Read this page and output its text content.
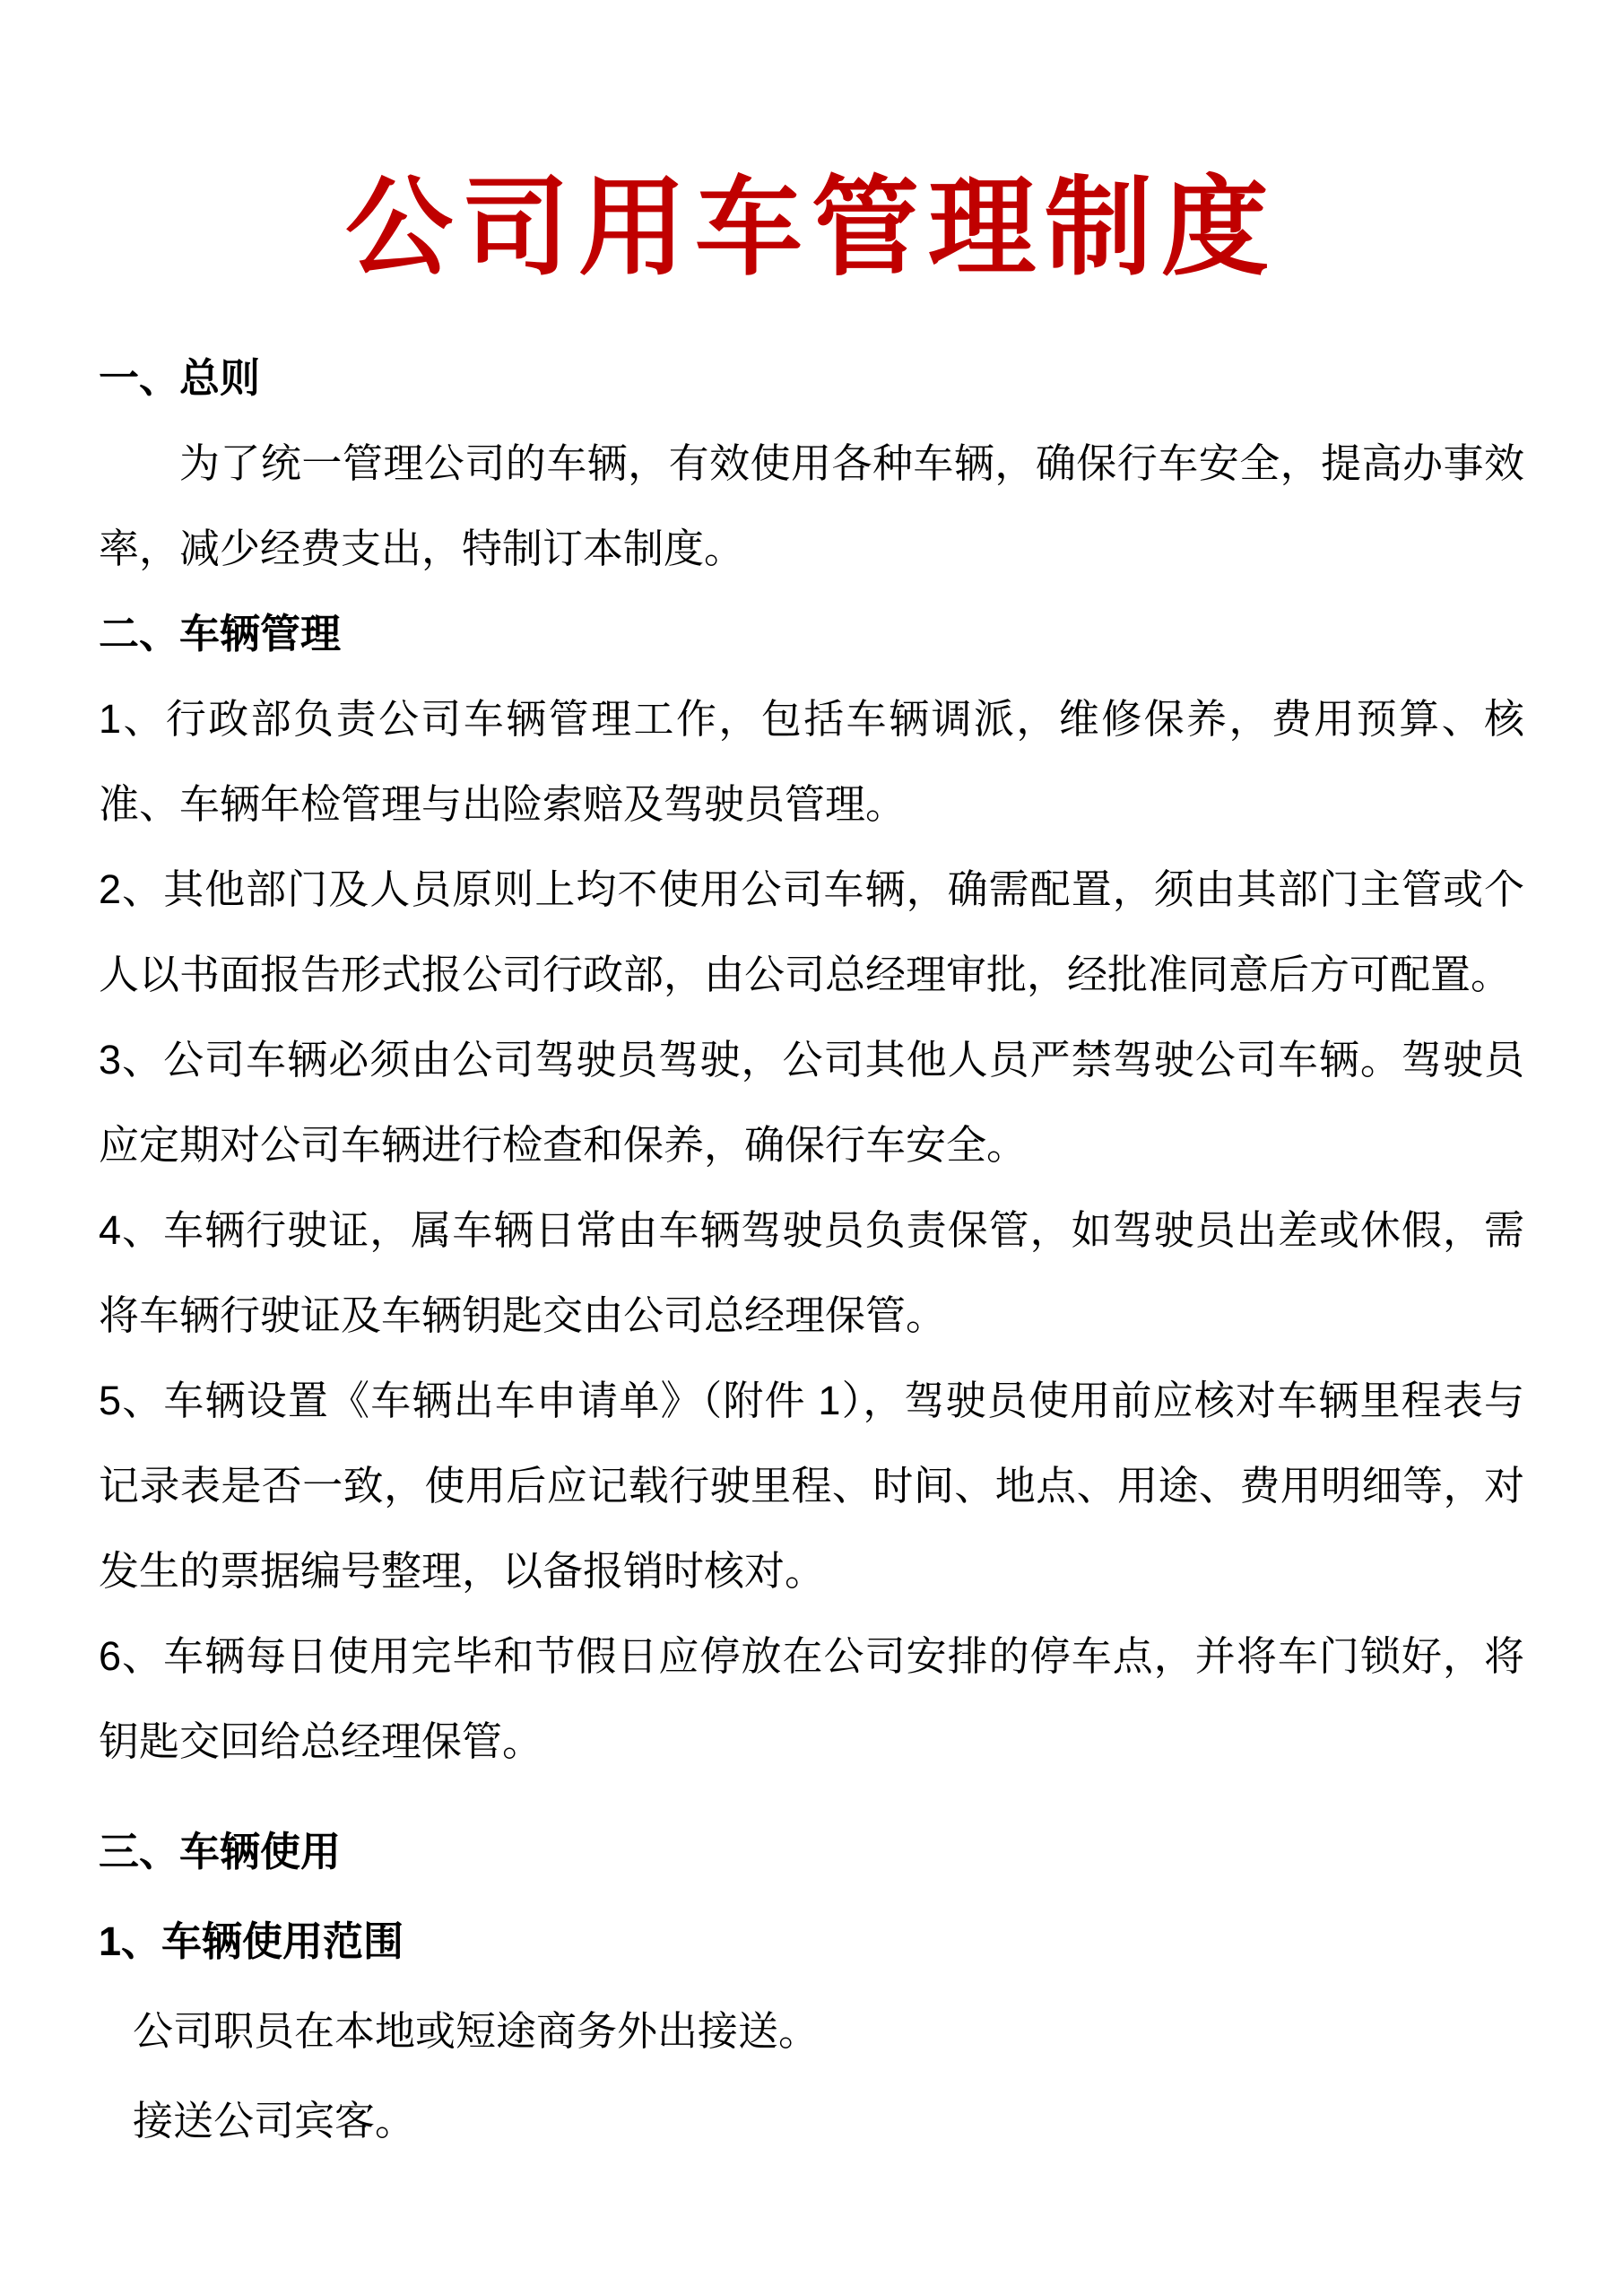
公司用车管理制度

一、总则

为了统一管理公司的车辆，有效使用各种车辆，确保行车安全，提高办事效率，减少经费支出，特制订本制度。

二、车辆管理

1、行政部负责公司车辆管理工作，包括车辆调派，维修保养，费用预算、核准、车辆年检管理与出险索赔及驾驶员管理。

2、其他部门及人员原则上均不使用公司车辆，确需配置，须由其部门主管或个人以书面报告形式报公司行政部，由公司总经理审批，经批准同意后方可配置。

3、公司车辆必须由公司驾驶员驾驶，公司其他人员严禁驾驶公司车辆。驾驶员应定期对公司车辆进行检查和保养，确保行车安全。

4、车辆行驶证，属车辆日常由车辆驾驶员负责保管，如驾驶员出差或休假，需将车辆行驶证及车辆钥匙交由公司总经理保管。

5、车辆设置《车辆出车申请单》（附件 1），驾驶员使用前应核对车辆里程表与记录表是否一致，使用后应记载行驶里程、时间、地点、用途、费用明细等，对发生的票据编号整理，以备报销时核对。

6、车辆每日使用完毕和节假日应停放在公司安排的停车点，并将车门锁好，将钥匙交回给总经理保管。

三、车辆使用

1、车辆使用范围

公司职员在本地或短途商务外出接送。

接送公司宾客。
